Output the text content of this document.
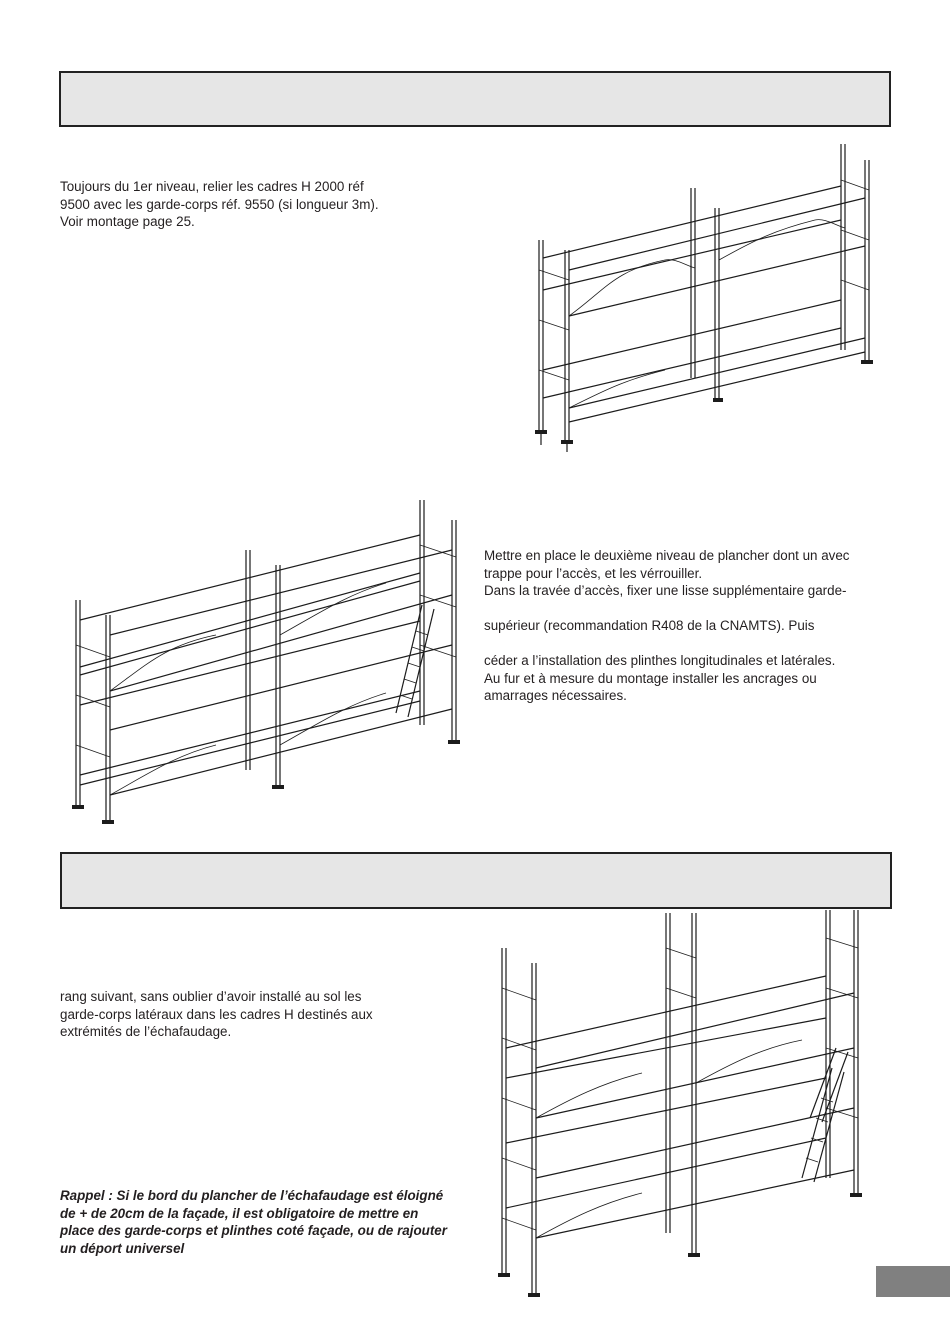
Toujours du 1er niveau, relier les cadres H 2000 réf

9500 avec les garde-corps réf. 9550 (si longueur 3m).

Voir montage page 25.

Mettre en place le deuxième niveau de plancher dont un avec

trappe pour l’accès, et les vérrouiller.

Dans la travée d’accès, fixer une lisse supplémentaire garde-

supérieur (recommandation R408 de la CNAMTS). Puis

céder a l’installation des plinthes longitudinales et latérales.

Au fur et à mesure du montage installer les ancrages ou

amarrages nécessaires.

rang suivant, sans oublier d’avoir installé au sol les

garde-corps latéraux dans les cadres H destinés aux

extrémités de l’échafaudage.

Rappel : Si le bord du plancher de l’échafaudage est éloigné

de + de 20cm de la façade, il est obligatoire de mettre en

place des garde-corps et plinthes coté façade, ou de rajouter

un déport universel
